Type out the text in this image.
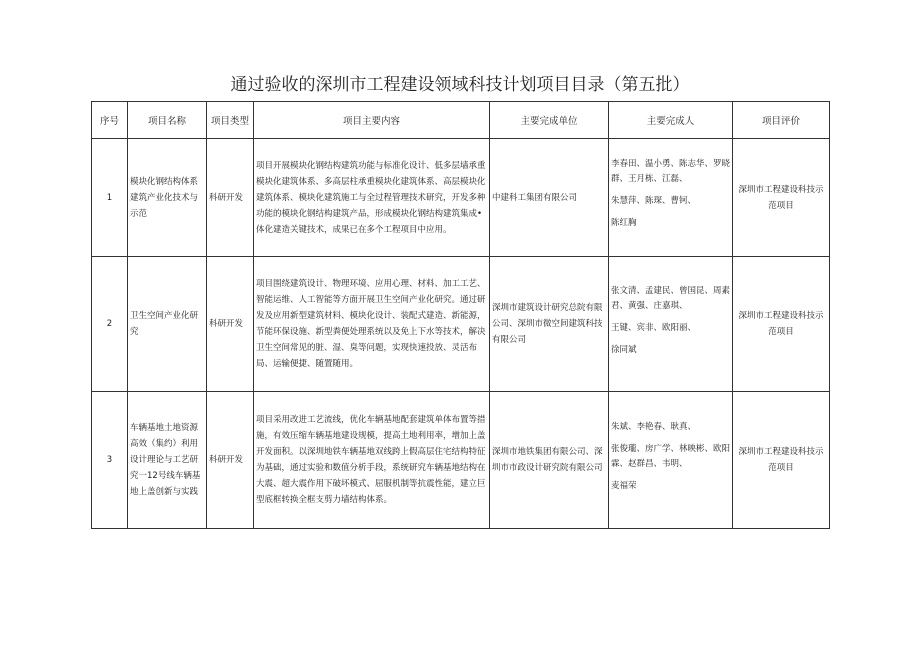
通过验收的深圳市工程建设领域科技计划项目目录（第五批）
序号	项目名称	项目类型	项目主要内容	主要完成单位	主要完成人	项目评价
1	模块化钢结构体系建筑产业化技术与示范	科研开发	项目开展模块化钢结构建筑功能与标准化设计、低多层墙承重模块化建筑体系、多高层柱承重模块化建筑体系、高层模块化建筑体系、模块化建筑施工与全过程管理技术研究，开发多种功能的模块化钢结构建筑产品，形成模块化钢结构建筑集成•体化建造关键技术，成果已在多个工程项目中应用。	中建科工集团有限公司	李春田、温小勇、陈志华、罗晓群、王月栋、江磊、
朱慧萍、陈琛、曹钶、
陈红胸	深圳市工程建设科技示范项目
2	卫生空间产业化研究	科研开发	项目围绕建筑设计、物理环境、应用心理、材料、加工工艺、智能运维、人工智能等方面开展卫生空间产业化研究。通过研发及应用新型建筑材料、模块化设计、装配式建造、新能源，节能环保设施、新型粪便处理系统以及免上下水等技术，解决卫生空间常见的脏、湿、臭等问题，实现快速投放、灵活布局、运输便捷、随置随用。	深圳市建筑设计研究总院有限公司、深圳市微空间建筑科技有限公司	张文清、孟建民、曾国昆、周素君、黄强、庄嘉琪、
王键、宾非、欧阳丽、
徐同斌	深圳市工程建设科技示范项目
3	车辆基地土地资源高效（集约）利用设计理论与工艺研究一12号线车辆基地上盖创新与实践	科研开发	项目采用改进工艺流线，优化车辆基地配套建筑单体布置等措施，有效压缩车辆基地建设规模，提高土地利用率，增加上盖开发面积。以深圳地铁车辆基地双线跨上假高层住宅结构特征为基础，通过实验和数值分析手段，系统研究车辆基地结构在大震、超大震作用下破坏模式、屈服机制等抗震性能，建立巨型底框转换全框支剪力墙结构体系。	深圳市地铁集团有限公司、深圳市市政设计研究院有限公司	朱斌、李艳春、耿真、
张俊瓏、房广学、林映彬、欧阳霖、赵群昌、韦明、
麦福荣	深圳市工程建设科技示范项目
